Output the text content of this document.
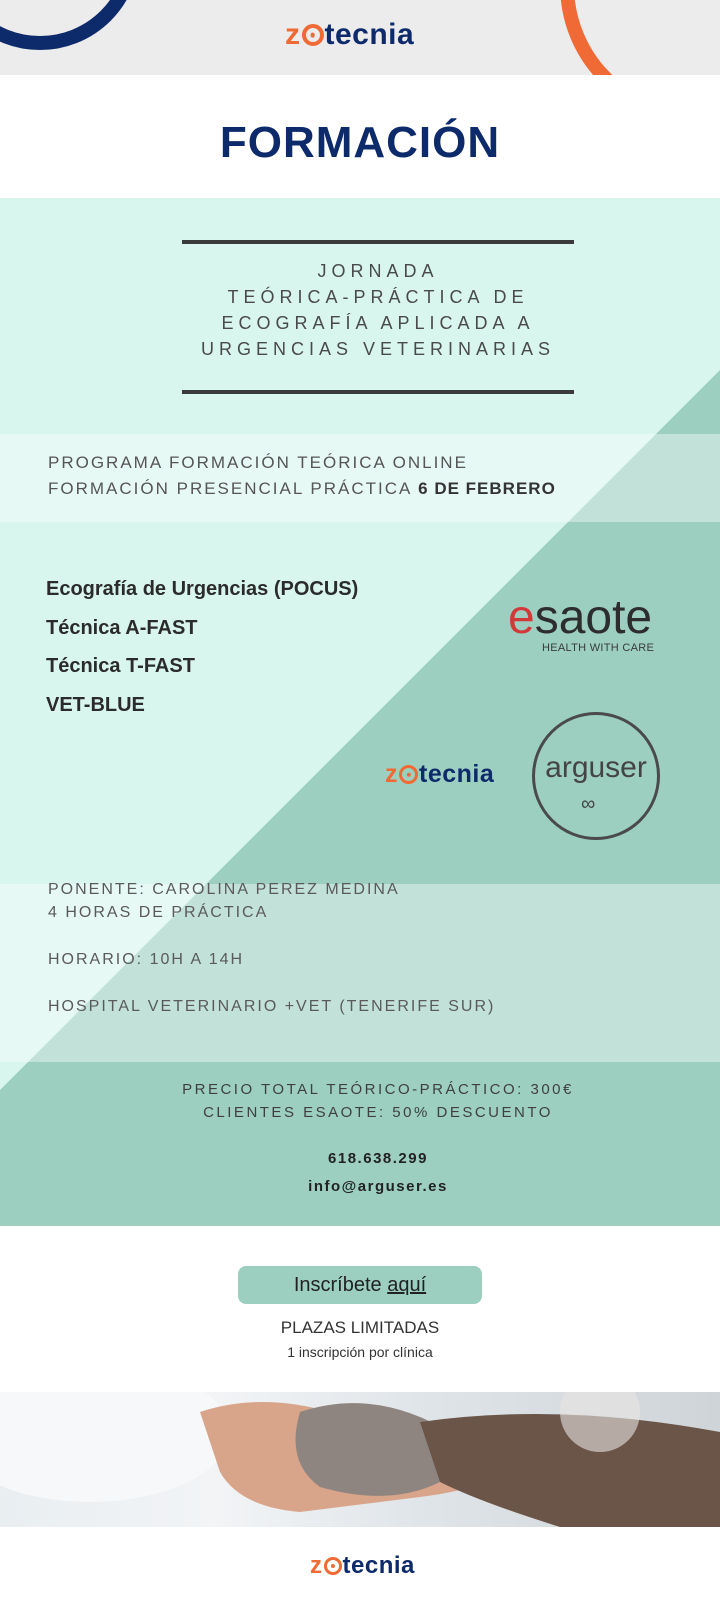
z tecnia
FORMACIÓN
JORNADA
TEÓRICA-PRÁCTICA DE
ECOGRAFÍA APLICADA A
URGENCIAS VETERINARIAS
PROGRAMA FORMACIÓN TEÓRICA ONLINE
FORMACIÓN PRESENCIAL PRÁCTICA 6 DE FEBRERO
Ecografía de Urgencias (POCUS)
Técnica A-FAST
Técnica T-FAST
VET-BLUE
esaote
HEALTH WITH CARE
z tecnia	arguser
∞
PONENTE: CAROLINA PEREZ MEDINA
4 HORAS DE PRÁCTICA
HORARIO: 10H A 14H
HOSPITAL VETERINARIO +VET (TENERIFE SUR)
PRECIO TOTAL TEÓRICO-PRÁCTICO: 300€
CLIENTES ESAOTE: 50% DESCUENTO
618.638.299
info@arguser.es
Inscríbete aquí
PLAZAS LIMITADAS
1 inscripción por clínica
z tecnia
